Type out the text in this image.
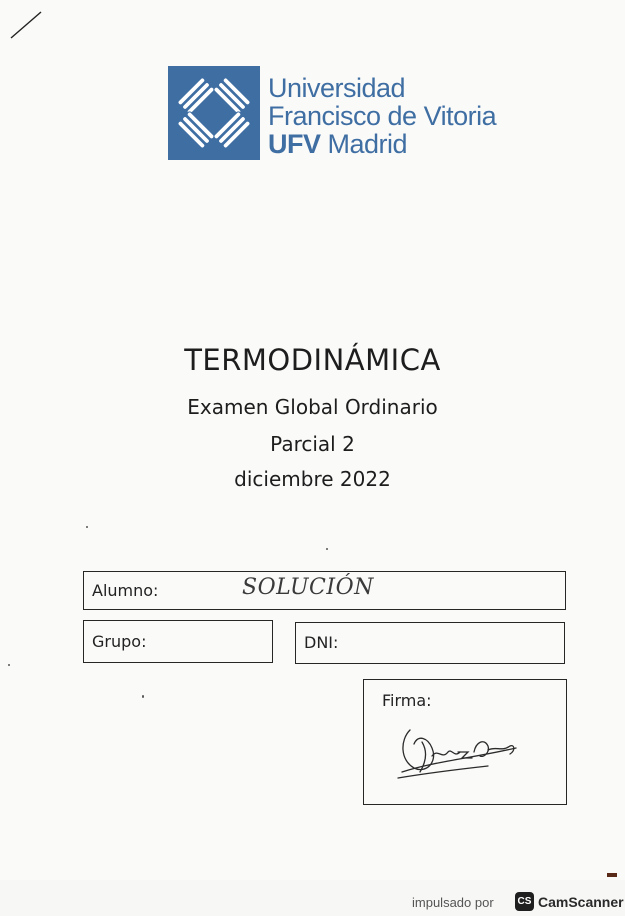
Universidad
Francisco de Vitoria
UFV Madrid
TERMODINÁMICA
Examen Global Ordinario
Parcial 2
diciembre 2022
Alumno:	SOLUCIÓN
Grupo:	DNI:
Firma:
impulsado por CS CamScanner
